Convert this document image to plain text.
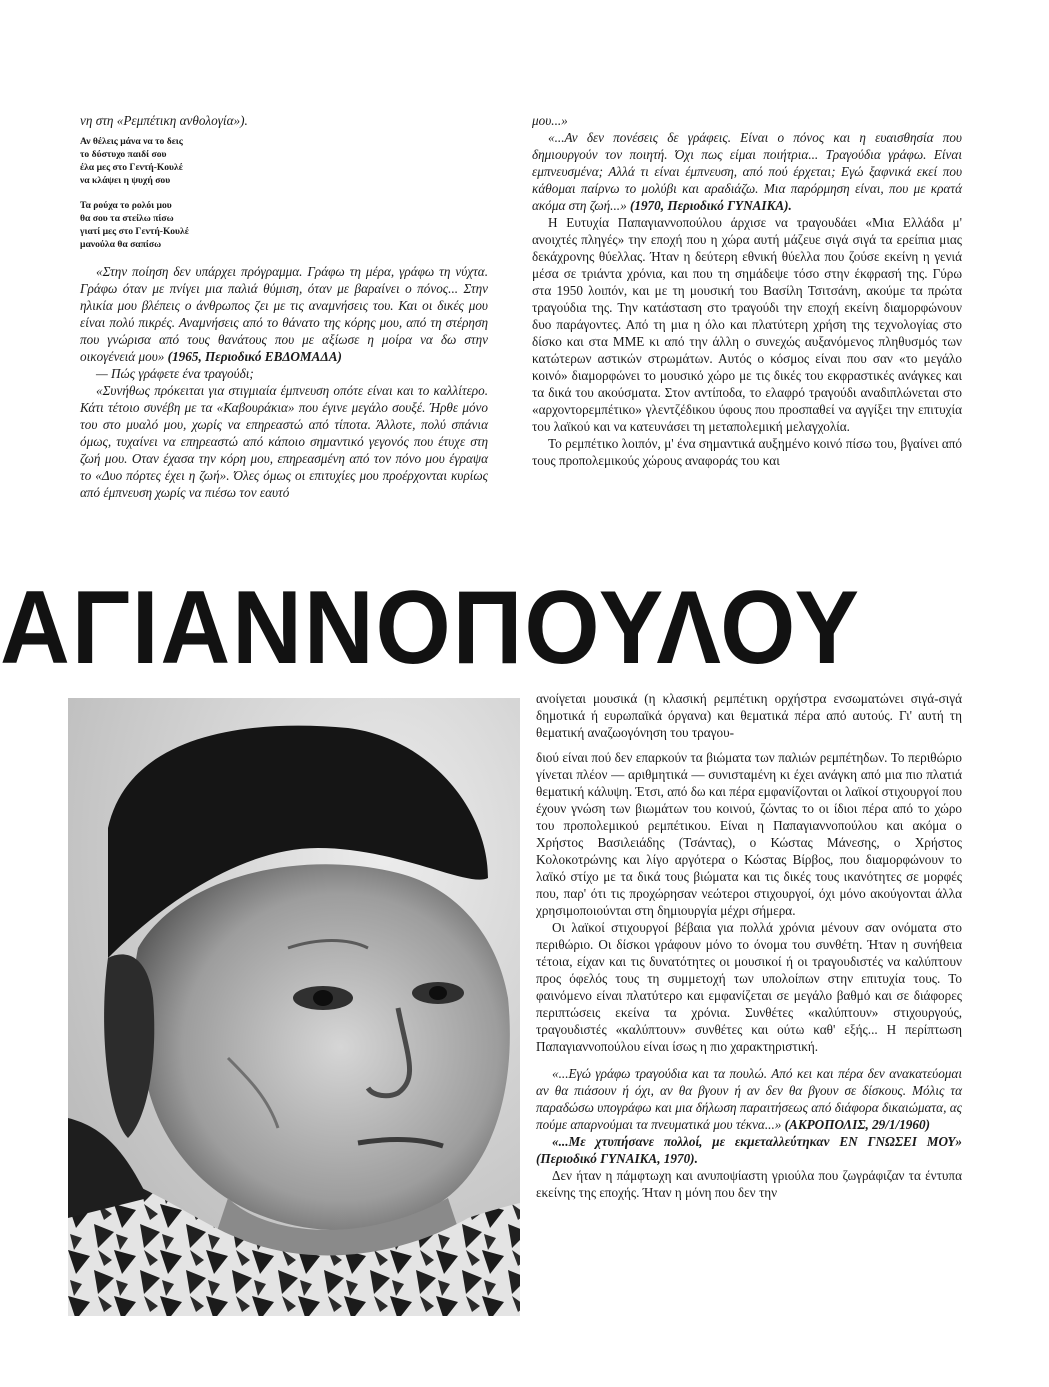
νη στη «Ρεμπέτικη ανθολογία»).

Αν θέλεις μάνα να το δεις
το δύστυχο παιδί σου
έλα μες στο Γεντή-Κουλέ
να κλάψει η ψυχή σου
Τα ρούχα το ρολόι μου
θα σου τα στείλω πίσω
γιατί μες στο Γεντή-Κουλέ
μανούλα θα σαπίσω

«Στην ποίηση δεν υπάρχει πρόγραμμα. Γράφω τη μέρα, γράφω τη νύχτα. Γράφω όταν με πνίγει μια παλιά θύμιση, όταν με βαραίνει ο πόνος... Στην ηλικία μου βλέπεις ο άνθρωπος ζει με τις αναμνήσεις του. Και οι δικές μου είναι πολύ πικρές. Αναμνήσεις από το θάνατο της κόρης μου, από τη στέρηση που γνώρισα από τους θανάτους που με αξίωσε η μοίρα να δω στην οικογένειά μου» (1965, Περιοδικό ΕΒΔΟΜΑΔΑ)

— Πώς γράφετε ένα τραγούδι;

«Συνήθως πρόκειται για στιγμιαία έμπνευση οπότε είναι και το καλλίτερο. Κάτι τέτοιο συνέβη με τα «Καβουράκια» που έγινε μεγάλο σουξέ. Ήρθε μόνο του στο μυαλό μου, χωρίς να επηρεαστώ από τίποτα. Άλλοτε, πολύ σπάνια όμως, τυχαίνει να επηρεαστώ από κάποιο σημαντικό γεγονός που έτυχε στη ζωή μου. Οταν έχασα την κόρη μου, επηρεασμένη από τον πόνο μου έγραψα το «Δυο πόρτες έχει η ζωή». Όλες όμως οι επιτυχίες μου προέρχονται κυρίως από έμπνευση χωρίς να πιέσω τον εαυτό

μου...»

«...Αν δεν πονέσεις δε γράφεις. Είναι ο πόνος και η ευαισθησία που δημιουργούν τον ποιητή. Όχι πως είμαι ποιήτρια... Τραγούδια γράφω. Είναι εμπνευσμένα; Αλλά τι είναι έμπνευση, από πού έρχεται; Εγώ ξαφνικά εκεί που κάθομαι παίρνω το μολύβι και αραδιάζω. Μια παρόρμηση είναι, που με κρατά ακόμα στη ζωή...» (1970, Περιοδικό ΓΥΝΑΙΚΑ).

Η Ευτυχία Παπαγιαννοπούλου άρχισε να τραγουδάει «Μια Ελλάδα μ' ανοιχτές πληγές» την εποχή που η χώρα αυτή μάζευε σιγά σιγά τα ερείπια μιας δεκάχρονης θύελλας. Ήταν η δεύτερη εθνική θύελλα που ζούσε εκείνη η γενιά μέσα σε τριάντα χρόνια, και που τη σημάδεψε τόσο στην έκφρασή της. Γύρω στα 1950 λοιπόν, και με τη μουσική του Βασίλη Τσιτσάνη, ακούμε τα πρώτα τραγούδια της. Την κατάσταση στο τραγούδι την εποχή εκείνη διαμορφώνουν δυο παράγοντες. Από τη μια η όλο και πλατύτερη χρήση της τεχνολογίας στο δίσκο και στα ΜΜΕ κι από την άλλη ο συνεχώς αυξανόμενος πληθυσμός των κατώτερων αστικών στρωμάτων. Αυτός ο κόσμος είναι που σαν «το μεγάλο κοινό» διαμορφώνει το μουσικό χώρο με τις δικές του εκφραστικές ανάγκες και τα δικά του ακούσματα. Στον αντίποδα, το ελαφρό τραγούδι αναδιπλώνεται στο «αρχοντορεμπέτικο» γλεντζέδικου ύφους που προσπαθεί να αγγίξει την επιτυχία του λαϊκού και να κατευνάσει τη μεταπολεμική μελαγχολία.

Το ρεμπέτικο λοιπόν, μ' ένα σημαντικά αυξημένο κοινό πίσω του, βγαίνει από τους προπολεμικούς χώρους αναφοράς του και

ΑΓΙΑΝΝΟΠΟΥΛΟΥ

ανοίγεται μουσικά (η κλασική ρεμπέτικη ορχήστρα ενσωματώνει σιγά-σιγά δημοτικά ή ευρωπαϊκά όργανα) και θεματικά πέρα από αυτούς. Γι' αυτή τη θεματική αναζωογόνηση του τραγου-

διού είναι πού δεν επαρκούν τα βιώματα των παλιών ρεμπέτηδων. Το περιθώριο γίνεται πλέον — αριθμητικά — συνισταμένη κι έχει ανάγκη από μια πιο πλατιά θεματική κάλυψη. Έτσι, από δω και πέρα εμφανίζονται οι λαϊκοί στιχουργοί που έχουν γνώση των βιωμάτων του κοινού, ζώντας το οι ίδιοι πέρα από το χώρο του προπολεμικού ρεμπέτικου. Είναι η Παπαγιαννοπούλου και ακόμα ο Χρήστος Βασιλειάδης (Τσάντας), ο Κώστας Μάνεσης, ο Χρήστος Κολοκοτρώνης και λίγο αργότερα ο Κώστας Βίρβος, που διαμορφώνουν το λαϊκό στίχο με τα δικά τους βιώματα και τις δικές τους ικανότητες σε μορφές που, παρ' ότι τις προχώρησαν νεώτεροι στιχουργοί, όχι μόνο ακούγονται άλλα χρησιμοποιούνται στη δημιουργία μέχρι σήμερα.

Οι λαϊκοί στιχουργοί βέβαια για πολλά χρόνια μένουν σαν ονόματα στο περιθώριο. Οι δίσκοι γράφουν μόνο το όνομα του συνθέτη. Ήταν η συνήθεια τέτοια, είχαν και τις δυνατότητες οι μουσικοί ή οι τραγουδιστές να καλύπτουν προς όφελός τους τη συμμετοχή των υπολοίπων στην επιτυχία τους. Το φαινόμενο είναι πλατύτερο και εμφανίζεται σε μεγάλο βαθμό και σε διάφορες περιπτώσεις εκείνα τα χρόνια. Συνθέτες «καλύπτουν» στιχουργούς, τραγουδιστές «καλύπτουν» συνθέτες και ούτω καθ' εξής... Η περίπτωση Παπαγιαννοπούλου είναι ίσως η πιο χαρακτηριστική.

«...Εγώ γράφω τραγούδια και τα πουλώ. Από κει και πέρα δεν ανακατεύομαι αν θα πιάσουν ή όχι, αν θα βγουν ή αν δεν θα βγουν σε δίσκους. Μόλις τα παραδώσω υπογράφω και μια δήλωση παραιτήσεως από διάφορα δικαιώματα, ας πούμε απαρνούμαι τα πνευματικά μου τέκνα...» (ΑΚΡΟΠΟΛΙΣ, 29/1/1960)

«...Με χτυπήσανε πολλοί, με εκμεταλλεύτηκαν ΕΝ ΓΝΩΣΕΙ ΜΟΥ» (Περιοδικό ΓΥΝΑΙΚΑ, 1970).

Δεν ήταν η πάμφτωχη και ανυποψίαστη γριούλα που ζωγράφιζαν τα έντυπα εκείνης της εποχής. Ήταν η μόνη που δεν την
